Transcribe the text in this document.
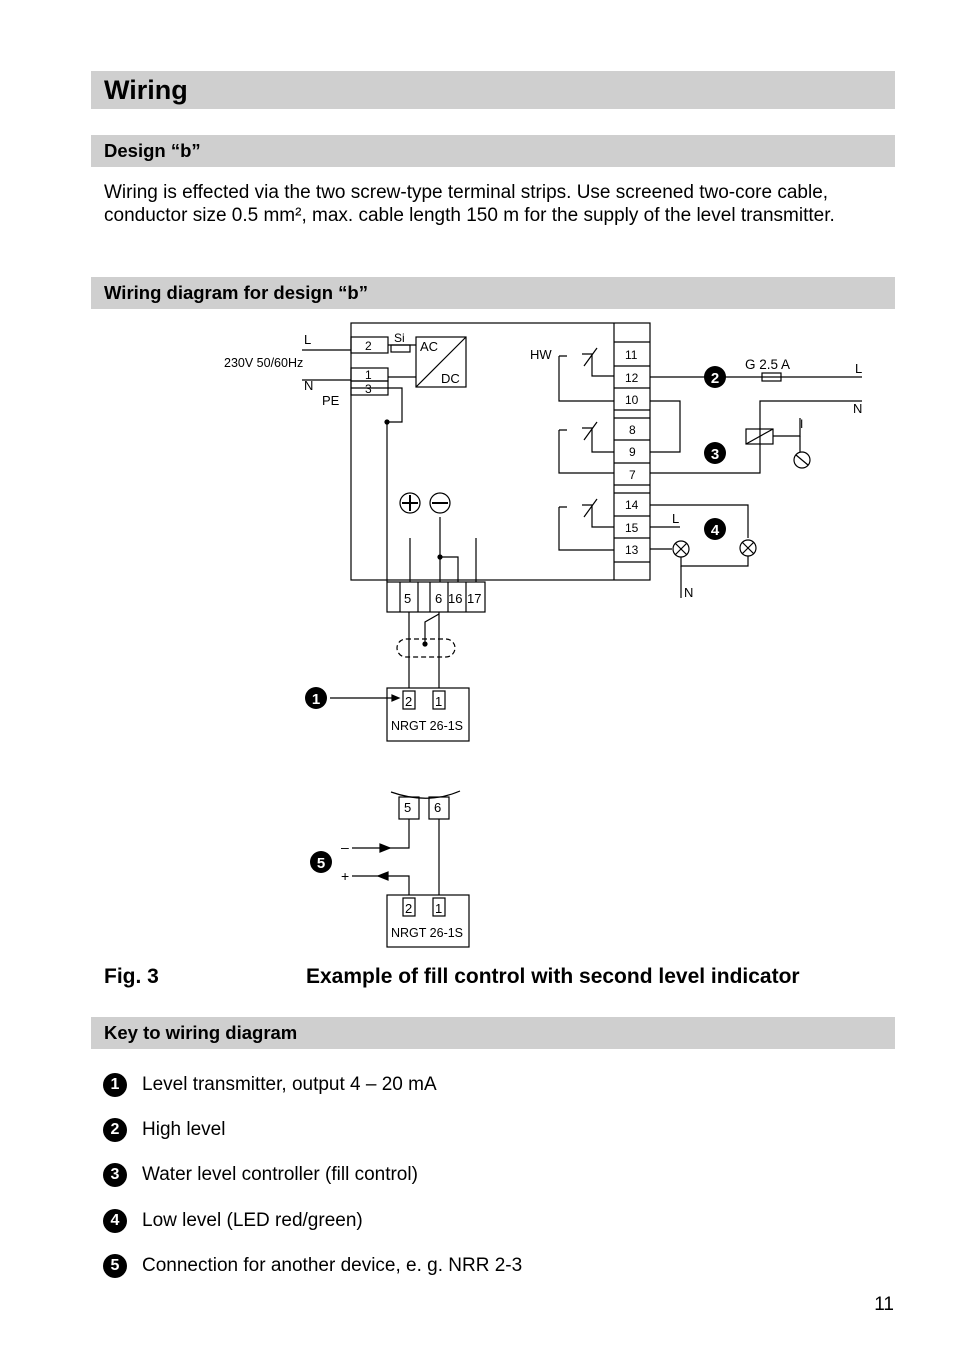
Wiring
Design “b”

Wiring is effected via the two screw-type terminal strips. Use screened two-core cable, conductor size 0.5 mm², max. cable length 150 m for the supply of the level transmitter.

Wiring diagram for design “b”
2
1
3
Si
AC
DC
L
230V 50/60Hz
N
PE
11
12
10
8
9
7
14
15
13
HW
G 2.5 A	L
N
I
L
N
5 6 16 17
2 1
NRGT 26-1S
5 6
–
+
2 1
NRGT 26-1S
1
2
3
4
5
Fig. 3	Example of fill control with second level indicator
Key to wiring diagram
1	Level transmitter, output 4 – 20 mA
2	High level
3	Water level controller (fill control)
4	Low level (LED red/green)
5	Connection for another device, e. g. NRR 2-3
11
